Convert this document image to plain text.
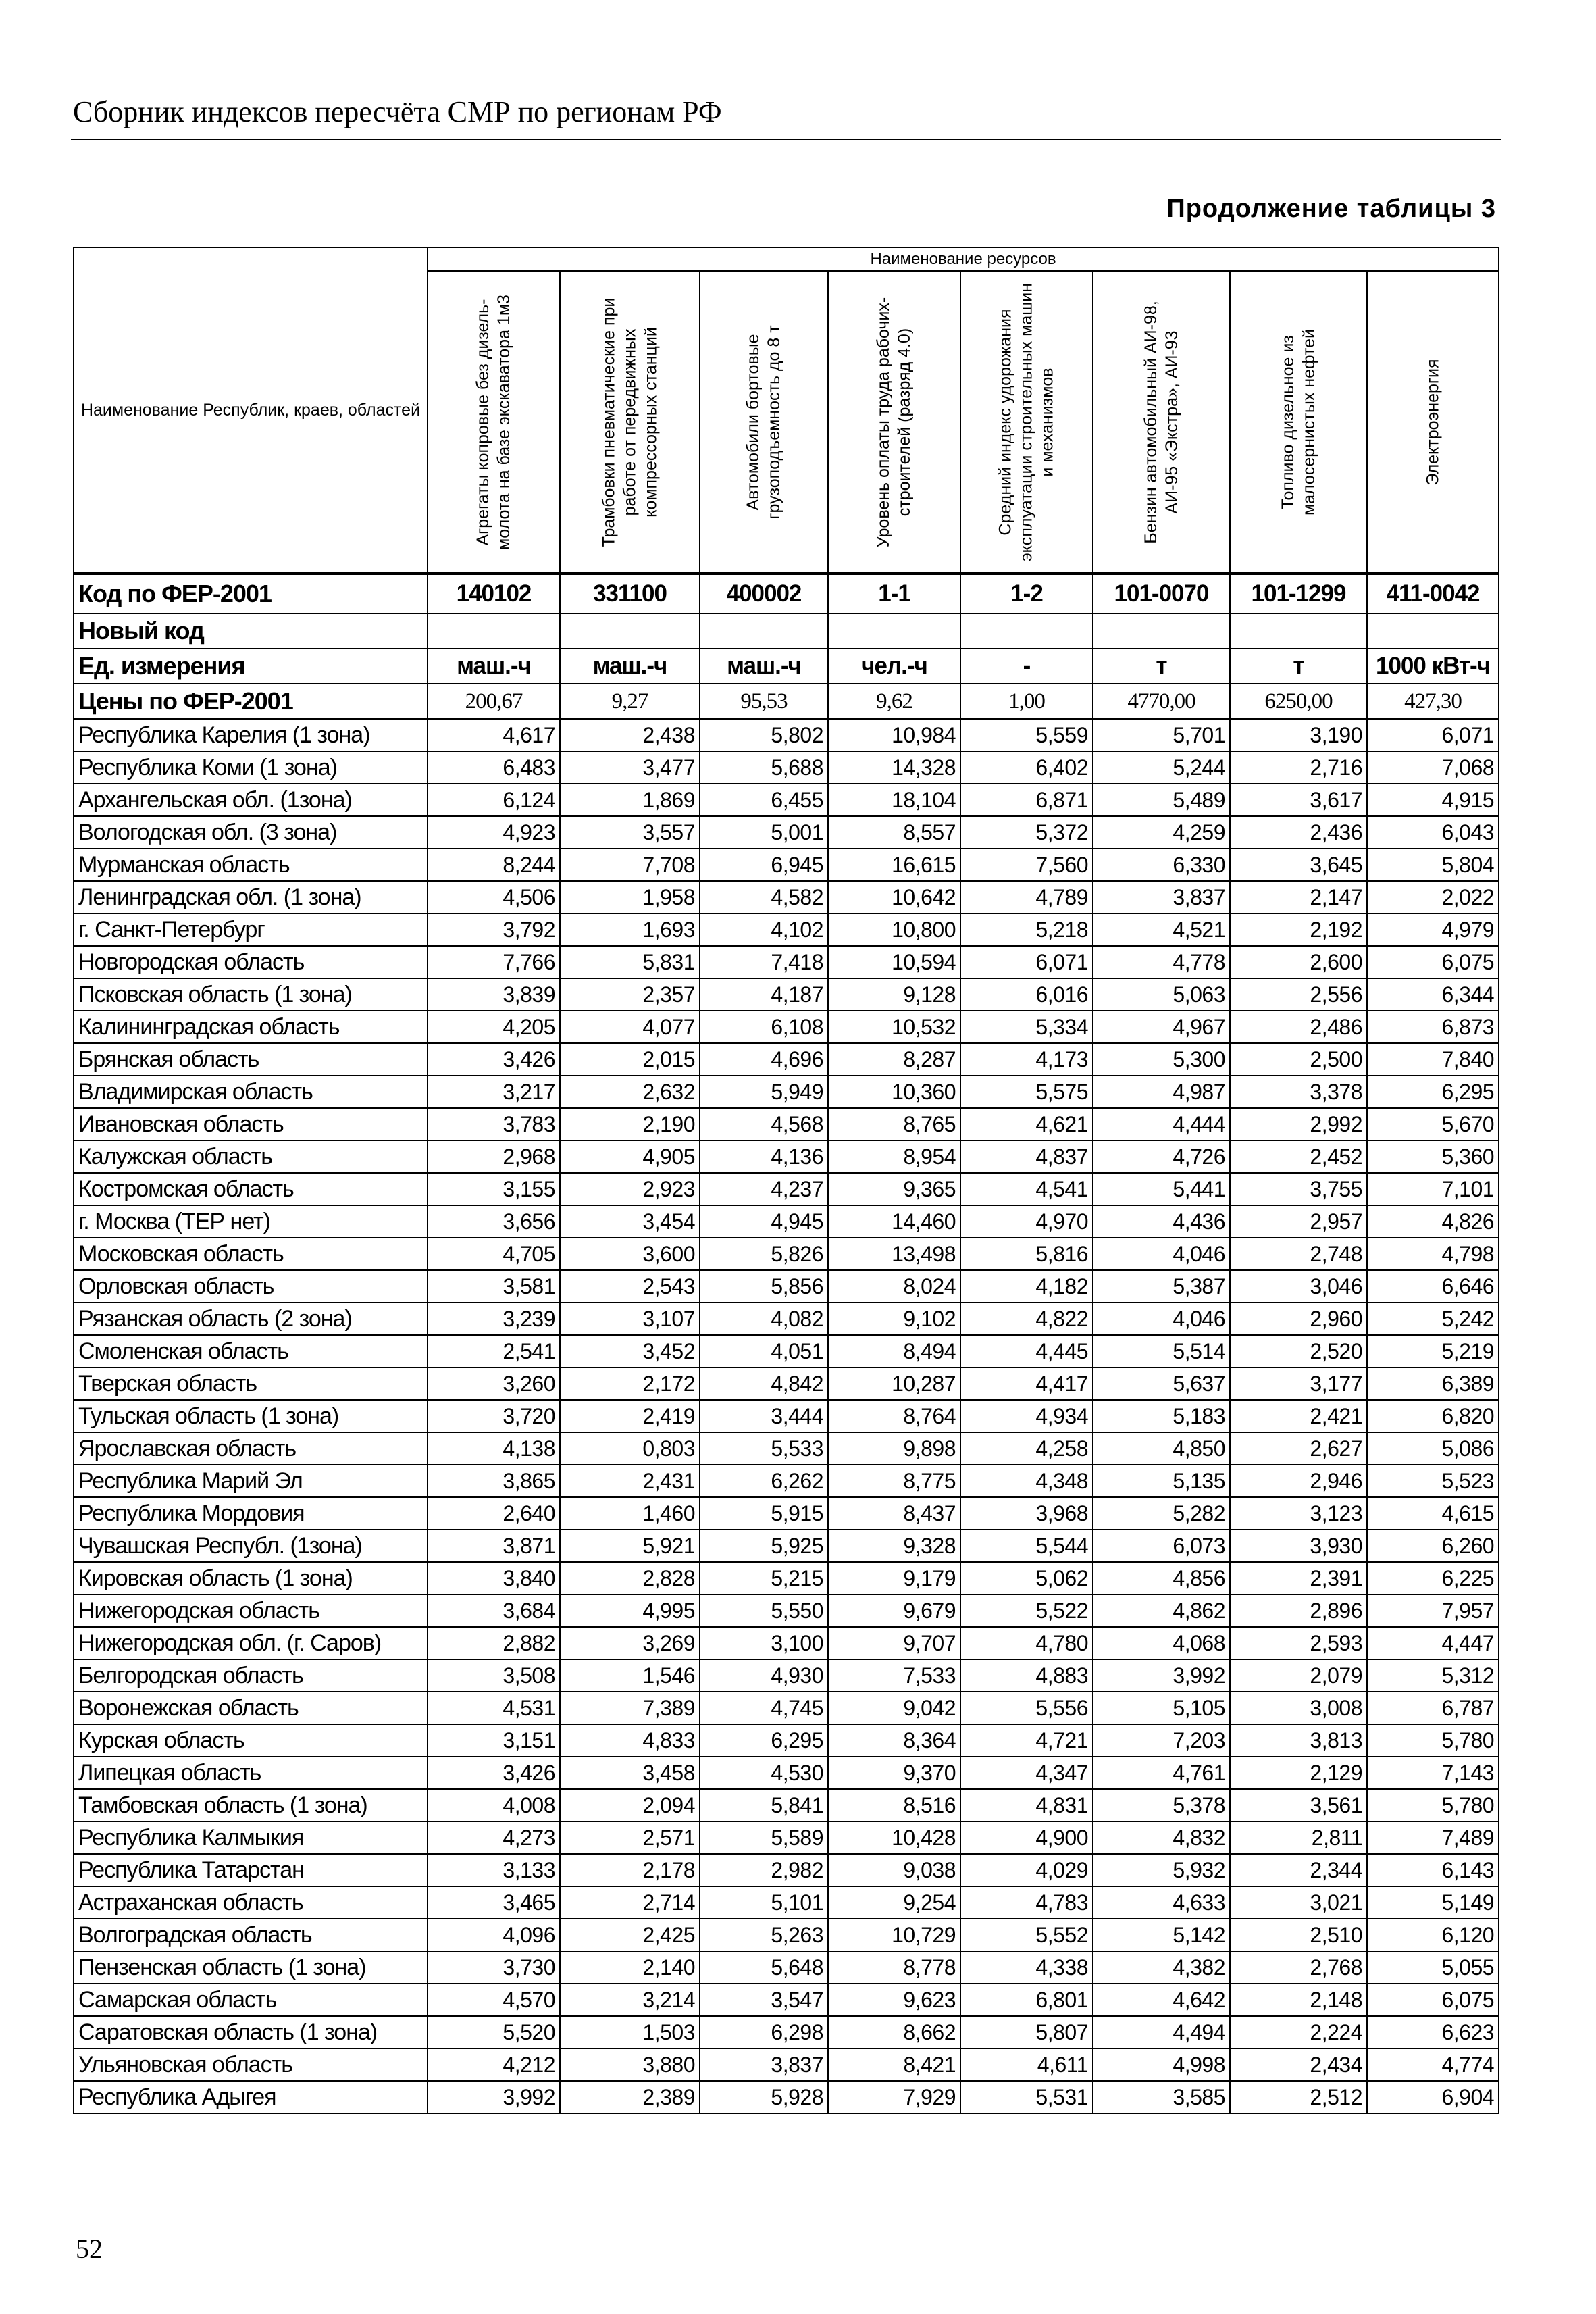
Сборник индексов пересчёта СМР по регионам РФ
Продолжение таблицы 3
Наименование Республик, краев, областей	Наименование ресурсов							

	Агрегаты копровые без дизель-молота на базе экскаватора 1м3	Трамбовки пневматические при работе от передвижных компрессорных станций	Автомобили бортовые грузоподъемность до 8 т	Уровень оплаты труда рабочих-строителей (разряд 4.0)	Средний индекс удорожания эксплуатации строительных машин и механизмов	Бензин автомобильный АИ-98, АИ-95 «Экстра», АИ-93	Топливо дизельное из малосернистых нефтей	Электроэнергия

Код по ФЕР-2001	140102	331100	400002	1-1	1-2	101-0070	101-1299	411-0042
Новый код								
Ед. измерения	маш.-ч	маш.-ч	маш.-ч	чел.-ч	-	т	т	1000 кВт-ч
Цены по ФЕР-2001	200,67	9,27	95,53	9,62	1,00	4770,00	6250,00	427,30
Республика Карелия (1 зона)	4,617	2,438	5,802	10,984	5,559	5,701	3,190	6,071
Республика Коми (1 зона)	6,483	3,477	5,688	14,328	6,402	5,244	2,716	7,068
Архангельская обл. (1зона)	6,124	1,869	6,455	18,104	6,871	5,489	3,617	4,915
Вологодская обл. (3 зона)	4,923	3,557	5,001	8,557	5,372	4,259	2,436	6,043
Мурманская область	8,244	7,708	6,945	16,615	7,560	6,330	3,645	5,804
Ленинградская обл. (1 зона)	4,506	1,958	4,582	10,642	4,789	3,837	2,147	2,022
г. Санкт-Петербург	3,792	1,693	4,102	10,800	5,218	4,521	2,192	4,979
Новгородская область	7,766	5,831	7,418	10,594	6,071	4,778	2,600	6,075
Псковская область (1 зона)	3,839	2,357	4,187	9,128	6,016	5,063	2,556	6,344
Калининградская область	4,205	4,077	6,108	10,532	5,334	4,967	2,486	6,873
Брянская область	3,426	2,015	4,696	8,287	4,173	5,300	2,500	7,840
Владимирская область	3,217	2,632	5,949	10,360	5,575	4,987	3,378	6,295
Ивановская область	3,783	2,190	4,568	8,765	4,621	4,444	2,992	5,670
Калужская область	2,968	4,905	4,136	8,954	4,837	4,726	2,452	5,360
Костромская область	3,155	2,923	4,237	9,365	4,541	5,441	3,755	7,101
г. Москва (ТЕР нет)	3,656	3,454	4,945	14,460	4,970	4,436	2,957	4,826
Московская область	4,705	3,600	5,826	13,498	5,816	4,046	2,748	4,798
Орловская область	3,581	2,543	5,856	8,024	4,182	5,387	3,046	6,646
Рязанская область (2 зона)	3,239	3,107	4,082	9,102	4,822	4,046	2,960	5,242
Смоленская область	2,541	3,452	4,051	8,494	4,445	5,514	2,520	5,219
Тверская область	3,260	2,172	4,842	10,287	4,417	5,637	3,177	6,389
Тульская область (1 зона)	3,720	2,419	3,444	8,764	4,934	5,183	2,421	6,820
Ярославская область	4,138	0,803	5,533	9,898	4,258	4,850	2,627	5,086
Республика Марий Эл	3,865	2,431	6,262	8,775	4,348	5,135	2,946	5,523
Республика Мордовия	2,640	1,460	5,915	8,437	3,968	5,282	3,123	4,615
Чувашская Республ. (1зона)	3,871	5,921	5,925	9,328	5,544	6,073	3,930	6,260
Кировская область (1 зона)	3,840	2,828	5,215	9,179	5,062	4,856	2,391	6,225
Нижегородская область	3,684	4,995	5,550	9,679	5,522	4,862	2,896	7,957
Нижегородская обл. (г. Саров)	2,882	3,269	3,100	9,707	4,780	4,068	2,593	4,447
Белгородская область	3,508	1,546	4,930	7,533	4,883	3,992	2,079	5,312
Воронежская область	4,531	7,389	4,745	9,042	5,556	5,105	3,008	6,787
Курская область	3,151	4,833	6,295	8,364	4,721	7,203	3,813	5,780
Липецкая область	3,426	3,458	4,530	9,370	4,347	4,761	2,129	7,143
Тамбовская область (1 зона)	4,008	2,094	5,841	8,516	4,831	5,378	3,561	5,780
Республика Калмыкия	4,273	2,571	5,589	10,428	4,900	4,832	2,811	7,489
Республика Татарстан	3,133	2,178	2,982	9,038	4,029	5,932	2,344	6,143
Астраханская область	3,465	2,714	5,101	9,254	4,783	4,633	3,021	5,149
Волгоградская область	4,096	2,425	5,263	10,729	5,552	5,142	2,510	6,120
Пензенская область (1 зона)	3,730	2,140	5,648	8,778	4,338	4,382	2,768	5,055
Самарская область	4,570	3,214	3,547	9,623	6,801	4,642	2,148	6,075
Саратовская область (1 зона)	5,520	1,503	6,298	8,662	5,807	4,494	2,224	6,623
Ульяновская область	4,212	3,880	3,837	8,421	4,611	4,998	2,434	4,774
Республика Адыгея	3,992	2,389	5,928	7,929	5,531	3,585	2,512	6,904
52
